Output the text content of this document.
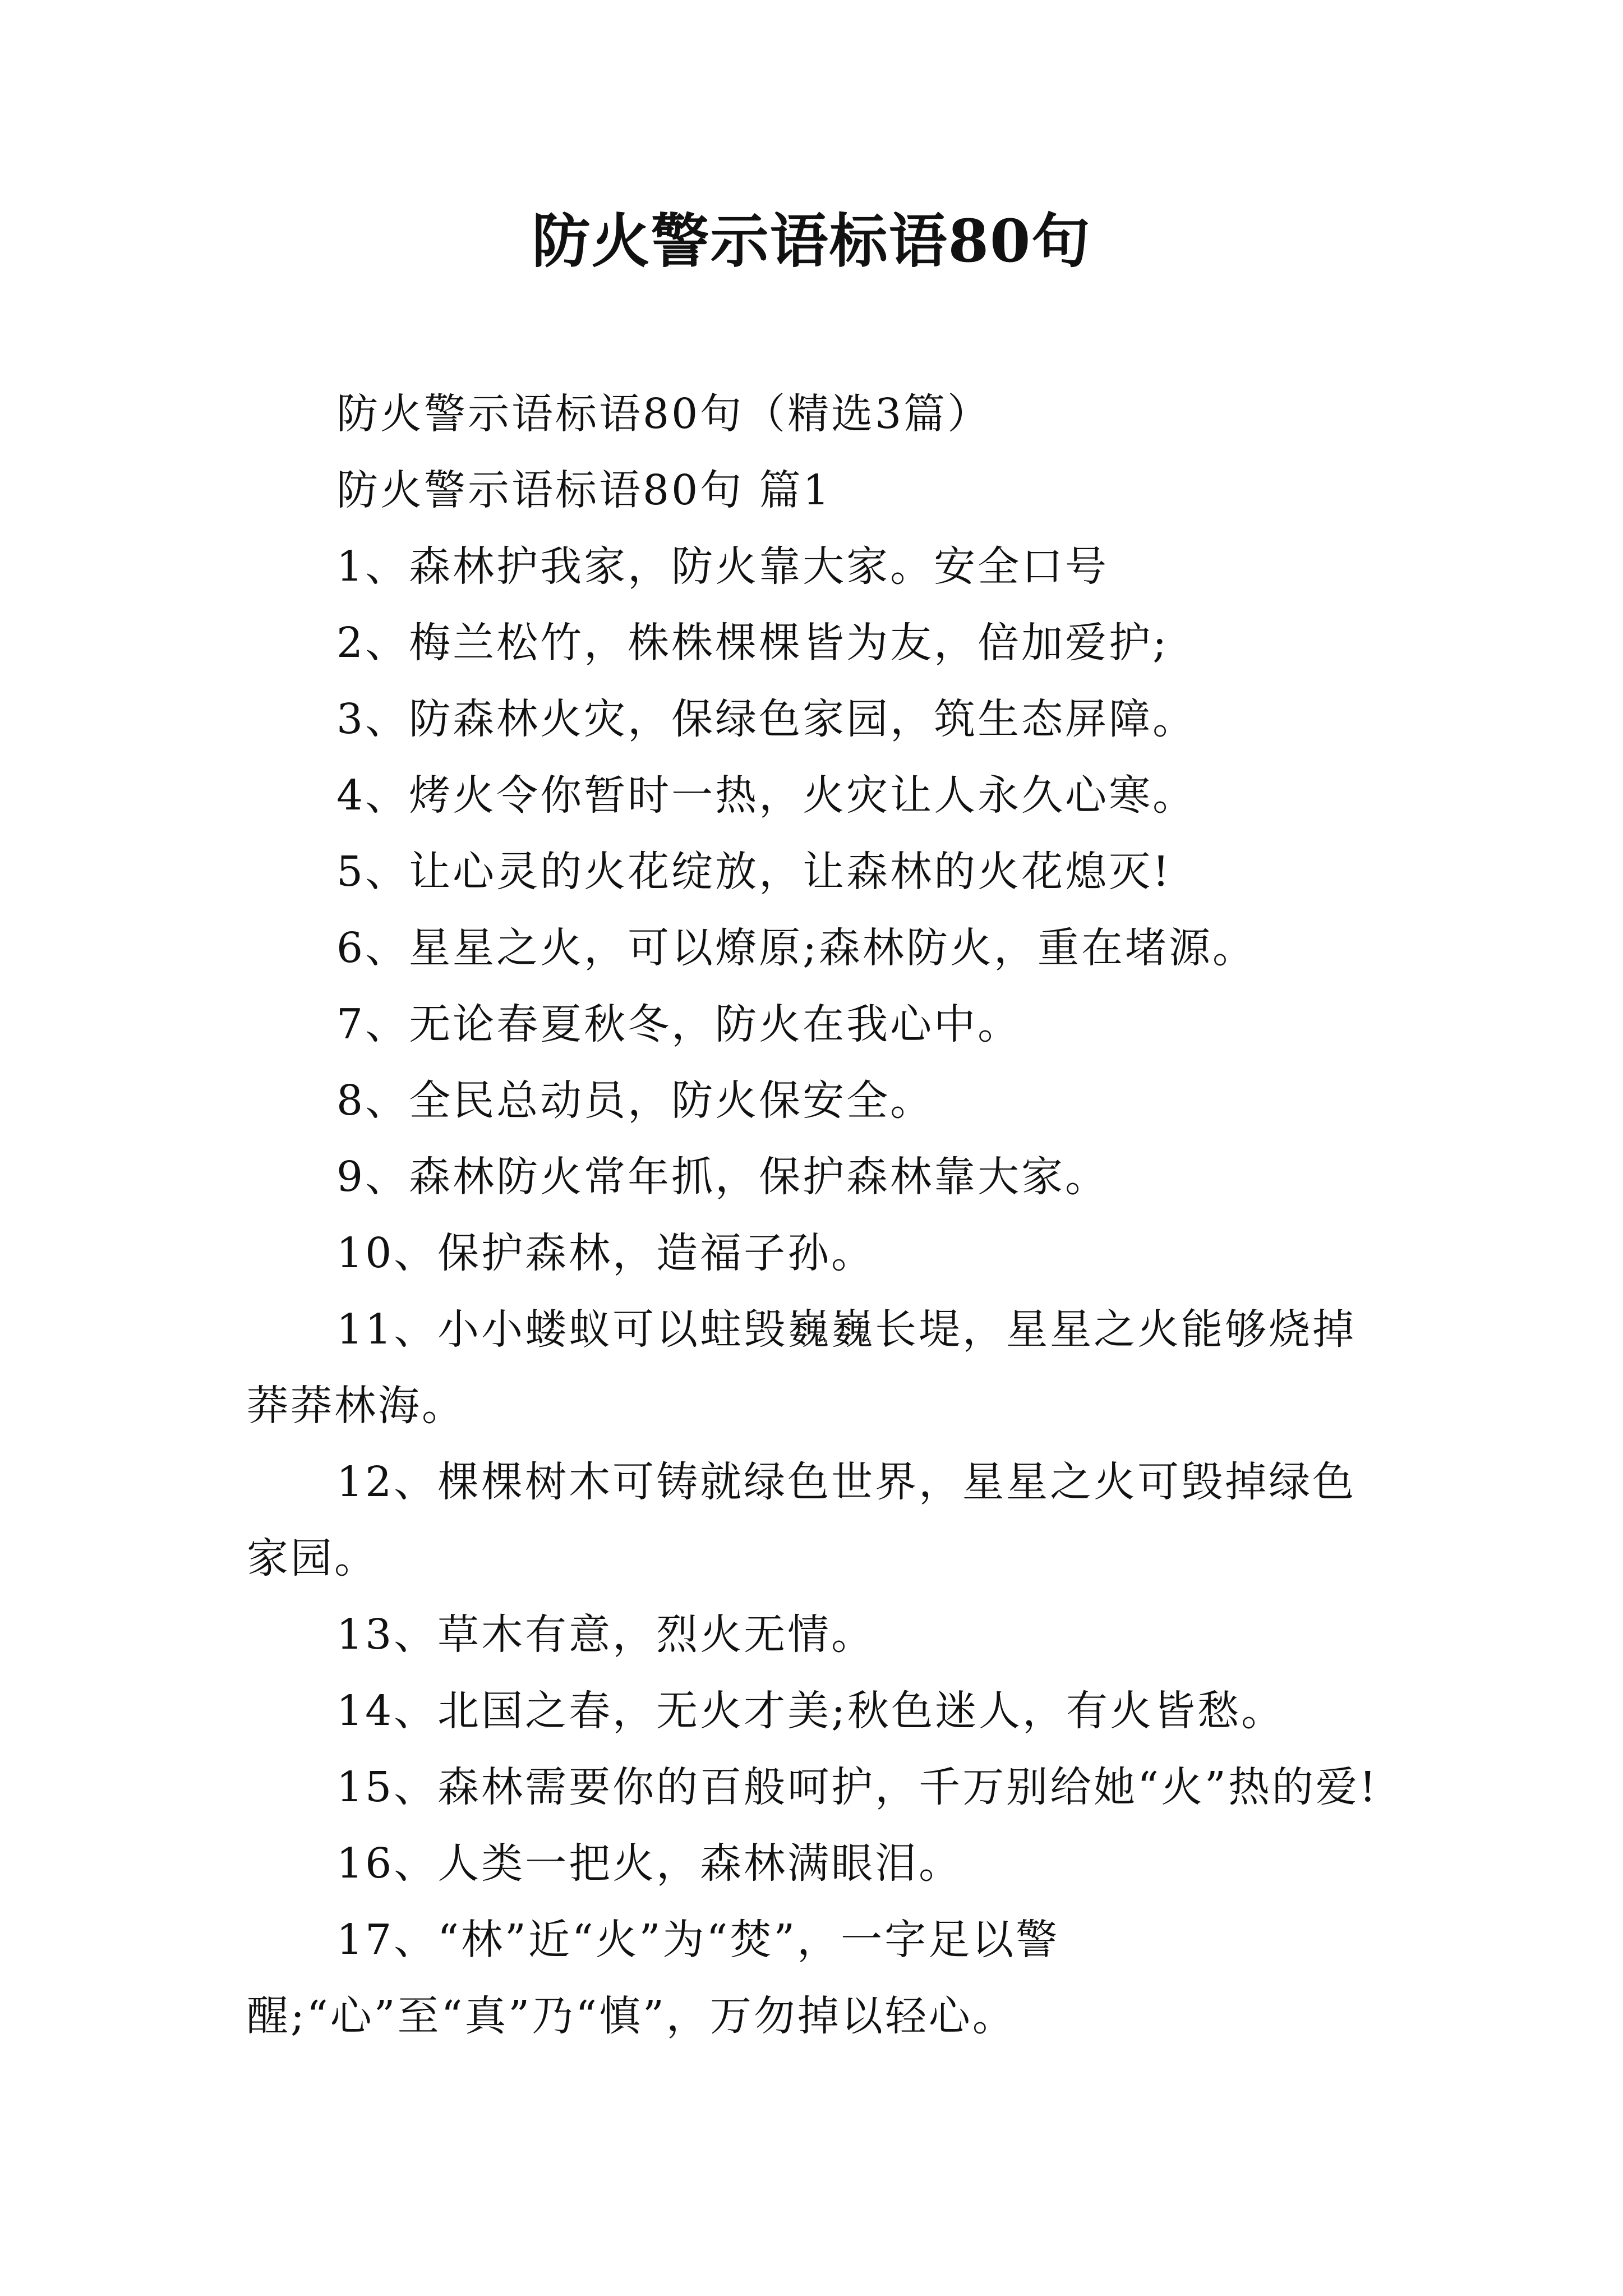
防火警示语标语80句

防火警示语标语80句（精选3篇）

防火警示语标语80句 篇1

1、森林护我家，防火靠大家。安全口号

2、梅兰松竹，株株棵棵皆为友，倍加爱护;

3、防森林火灾，保绿色家园，筑生态屏障。

4、烤火令你暂时一热，火灾让人永久心寒。

5、让心灵的火花绽放，让森林的火花熄灭!

6、星星之火，可以燎原;森林防火，重在堵源。

7、无论春夏秋冬，防火在我心中。

8、全民总动员，防火保安全。

9、森林防火常年抓，保护森林靠大家。

10、保护森林，造福子孙。

11、小小蝼蚁可以蛀毁巍巍长堤，星星之火能够烧掉莽莽林海。

12、棵棵树木可铸就绿色世界，星星之火可毁掉绿色家园。

13、草木有意，烈火无情。

14、北国之春，无火才美;秋色迷人，有火皆愁。

15、森林需要你的百般呵护，千万别给她“火”热的爱!

16、人类一把火，森林满眼泪。

17、“林”近“火”为“焚”，一字足以警醒;“心”至“真”乃“慎”，万勿掉以轻心。
